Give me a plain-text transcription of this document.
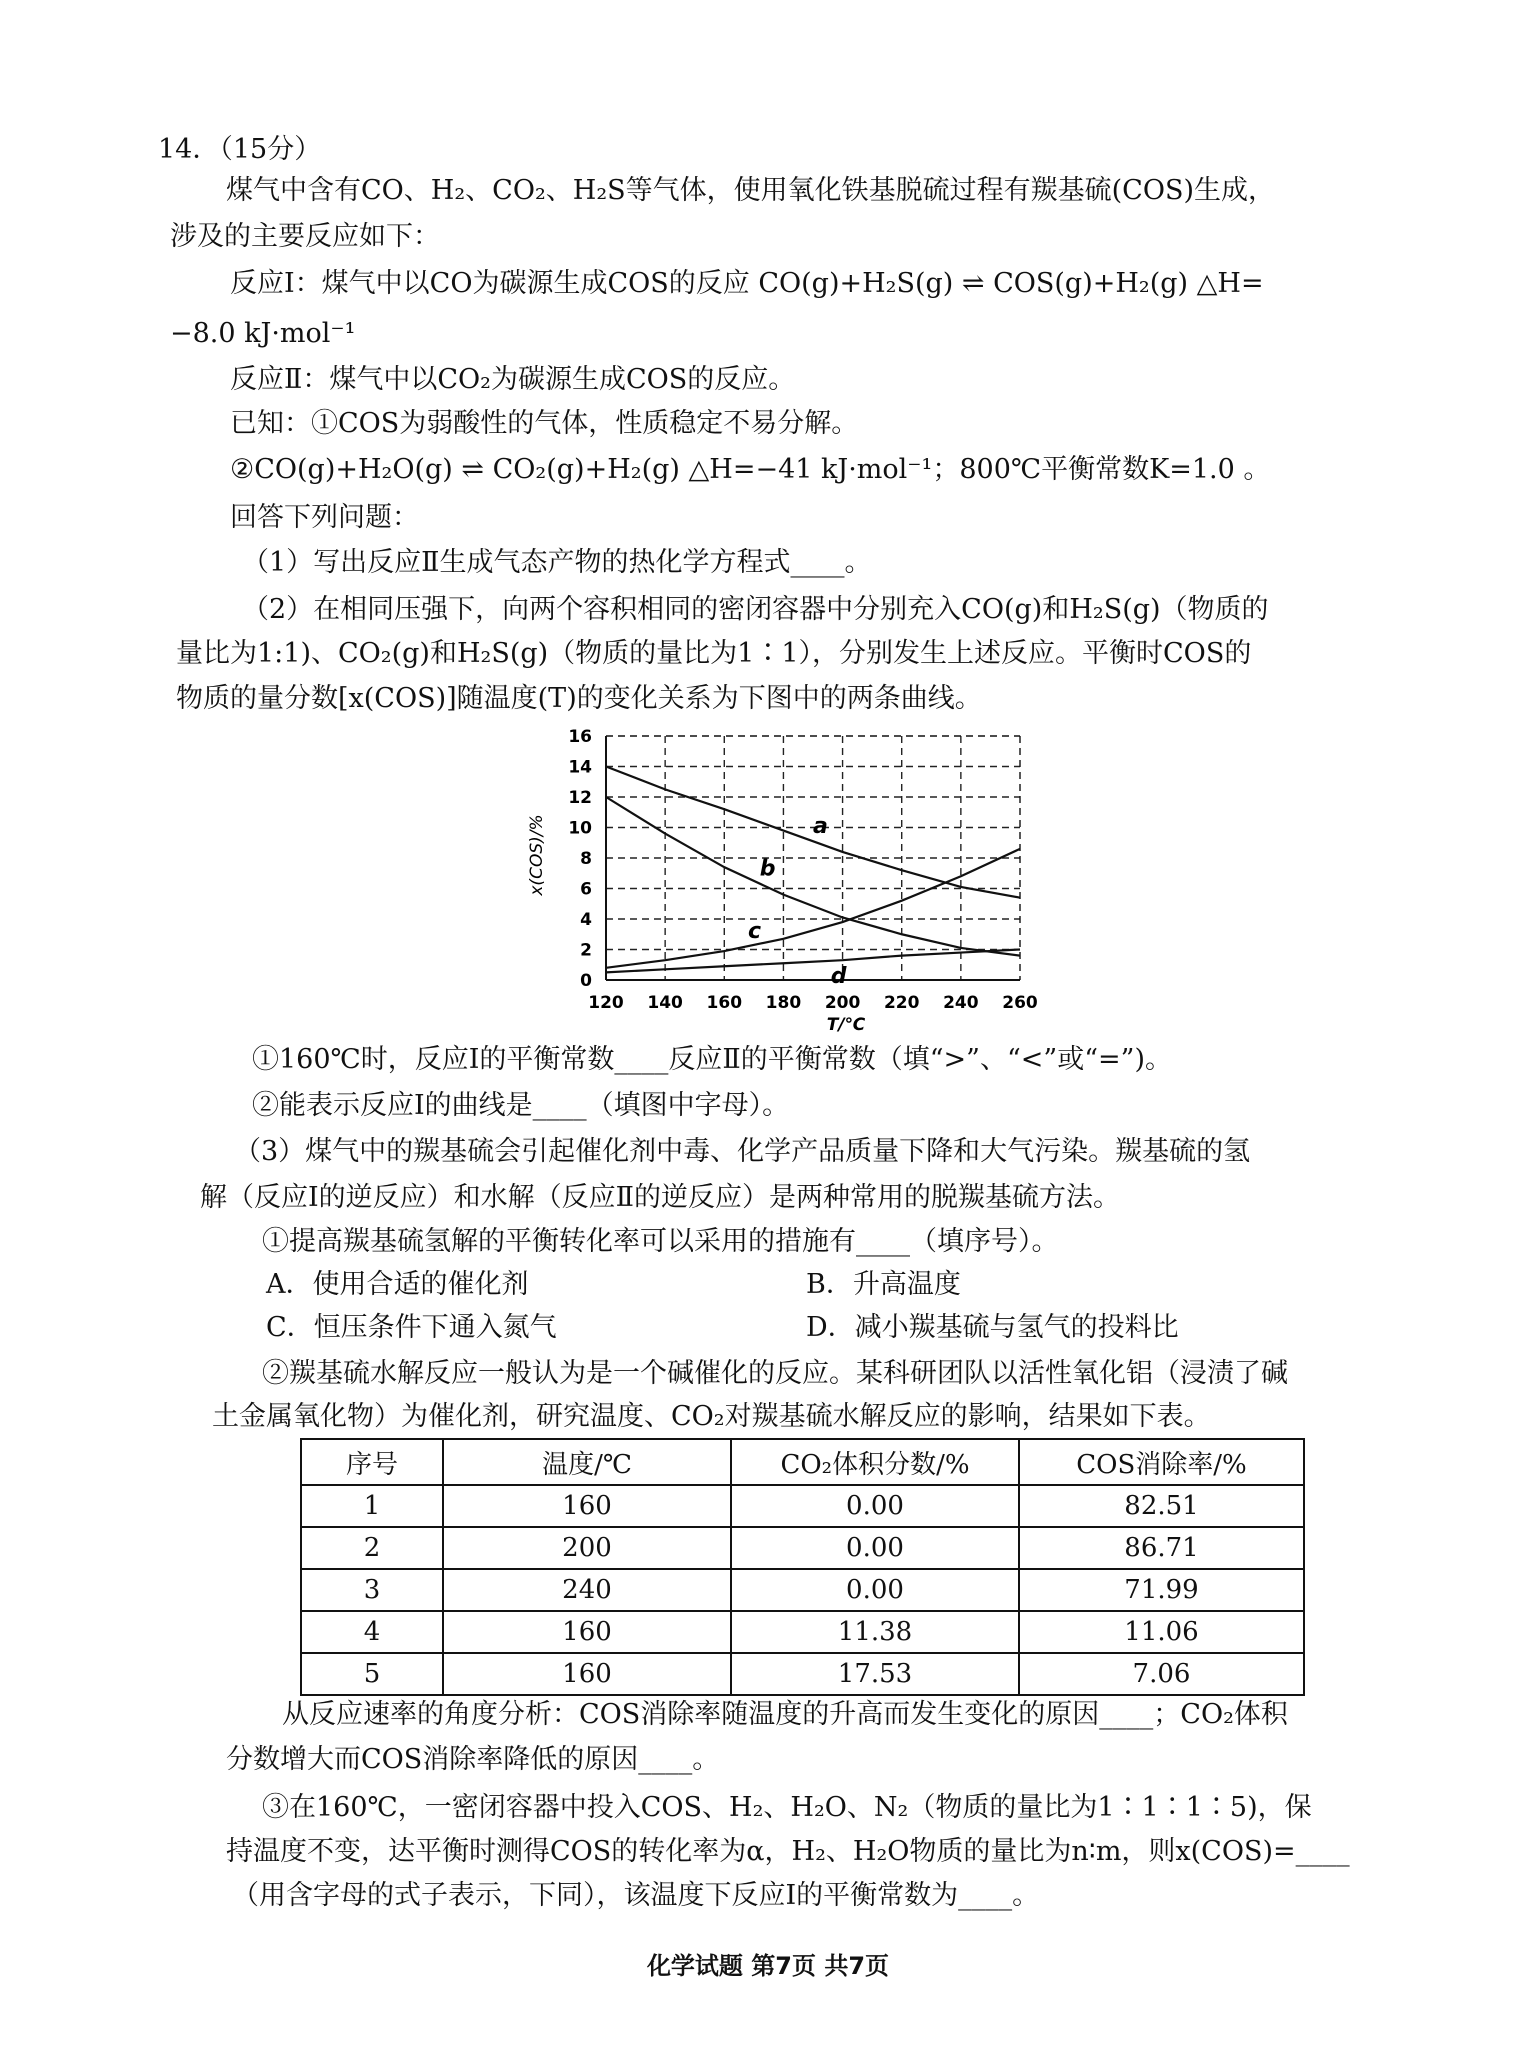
14．（15分）
煤气中含有CO、H₂、CO₂、H₂S等气体，使用氧化铁基脱硫过程有羰基硫(COS)生成，
涉及的主要反应如下：
反应Ⅰ：煤气中以CO为碳源生成COS的反应 CO(g)+H₂S(g) ⇌ COS(g)+H₂(g) △H=
−8.0 kJ·mol⁻¹
反应Ⅱ：煤气中以CO₂为碳源生成COS的反应。
已知：①COS为弱酸性的气体，性质稳定不易分解。
②CO(g)+H₂O(g) ⇌ CO₂(g)+H₂(g) △H=−41 kJ·mol⁻¹；800℃平衡常数K=1.0 。
回答下列问题：
（1）写出反应Ⅱ生成气态产物的热化学方程式____。
（2）在相同压强下，向两个容积相同的密闭容器中分别充入CO(g)和H₂S(g)（物质的
量比为1:1)、CO₂(g)和H₂S(g)（物质的量比为1∶1），分别发生上述反应。平衡时COS的
物质的量分数[x(COS)]随温度(T)的变化关系为下图中的两条曲线。
a
b
c
d
120 140 160 180 200 220 240 260
0
2
4
6
8
10
12
14
16
x(COS)/%
T/℃
①160℃时，反应Ⅰ的平衡常数____反应Ⅱ的平衡常数（填“>”、“<”或“=”)。
②能表示反应Ⅰ的曲线是____（填图中字母）。
（3）煤气中的羰基硫会引起催化剂中毒、化学产品质量下降和大气污染。羰基硫的氢
解（反应Ⅰ的逆反应）和水解（反应Ⅱ的逆反应）是两种常用的脱羰基硫方法。
①提高羰基硫氢解的平衡转化率可以采用的措施有____（填序号）。
A．使用合适的催化剂	B．升高温度
C．恒压条件下通入氮气	D．减小羰基硫与氢气的投料比
②羰基硫水解反应一般认为是一个碱催化的反应。某科研团队以活性氧化铝（浸渍了碱
土金属氧化物）为催化剂，研究温度、CO₂对羰基硫水解反应的影响，结果如下表。
序号	温度/℃	CO₂体积分数/%	COS消除率/%
1	160	0.00	82.51
2	200	0.00	86.71
3	240	0.00	71.99
4	160	11.38	11.06
5	160	17.53	7.06
从反应速率的角度分析：COS消除率随温度的升高而发生变化的原因____；CO₂体积
分数增大而COS消除率降低的原因____。
③在160℃，一密闭容器中投入COS、H₂、H₂O、N₂（物质的量比为1∶1∶1∶5)，保
持温度不变，达平衡时测得COS的转化率为α，H₂、H₂O物质的量比为n∶m，则x(COS)=____
（用含字母的式子表示，下同），该温度下反应Ⅰ的平衡常数为____。
化学试题 第7页 共7页
